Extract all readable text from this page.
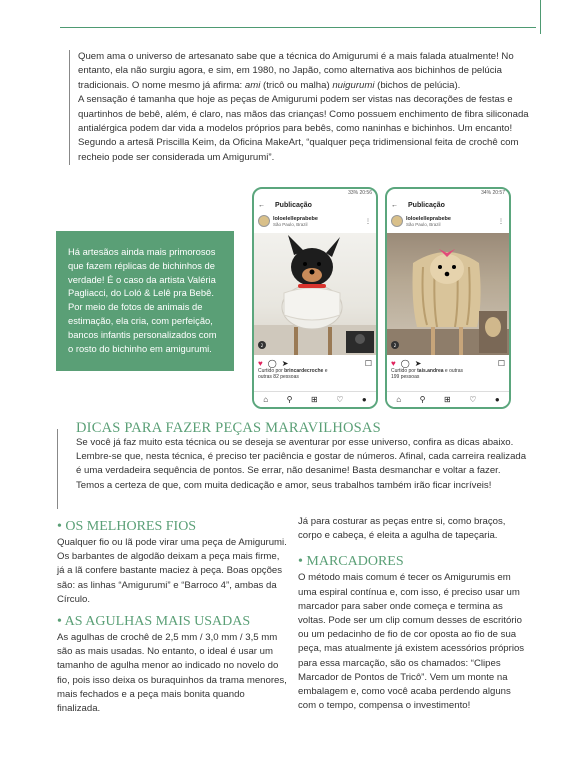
Quem ama o universo de artesanato sabe que a técnica do Amigurumi é a mais falada atualmente! No entanto, ela não surgiu agora, e sim, em 1980, no Japão, como alternativa aos bichinhos de pelúcia tradicionais. O nome mesmo já afirma: ami (tricô ou malha) nuigurumi (bichos de pelúcia).

A sensação é tamanha que hoje as peças de Amigurumi podem ser vistas nas decorações de festas e quartinhos de bebê, além, é claro, nas mãos das crianças! Como possuem enchimento de fibra siliconada antialérgica podem dar vida a modelos próprios para bebês, como naninhas e bichinhos. Um encanto!

Segundo a artesã Priscilla Keim, da Oficina MakeArt, “qualquer peça tridimensional feita de crochê com recheio pode ser considerada um Amigurumi”.

Há artesãos ainda mais primorosos que fazem réplicas de bichinhos de verdade! É o caso da artista Valéria Pagliacci, do Loló & Lelê pra Bebê. Por meio de fotos de animais de estimação, ela cria, com perfeição, bancos infantis personalizados com o rosto do bichinho em amigurumi.
33% 20:56
← Publicação
loloelelleprabebe
São Paulo, Brazil	⋮
2
♥ ◯ ➤	☐
Curtido por brincardecroche e
outras 82 pessoas
⌂ ⚲ ⊞ ♡ ●
34% 20:57
← Publicação
loloelelleprabebe
São Paulo, Brazil	⋮
2
♥ ◯ ➤	☐
Curtido por tais.andrea e outras
199 pessoas
⌂ ⚲ ⊞ ♡ ●
DICAS PARA FAZER PEÇAS MARAVILHOSAS
Se você já faz muito esta técnica ou se deseja se aventurar por esse universo, confira as dicas abaixo. Lembre-se que, nesta técnica, é preciso ter paciência e gostar de números. Afinal, cada carreira realizada é uma verdadeira sequência de pontos. Se errar, não desanime! Basta desmanchar e voltar a fazer. Temos a certeza de que, com muita dedicação e amor, seus trabalhos também irão ficar incríveis!
• OS MELHORES FIOS
Qualquer fio ou lã pode virar uma peça de Amigurumi. Os barbantes de algodão deixam a peça mais firme, já a lã confere bastante maciez à peça. Boas opções são: as linhas “Amigurumi” e “Barroco 4”, ambas da Círculo.
• AS AGULHAS MAIS USADAS
As agulhas de crochê de 2,5 mm / 3,0 mm / 3,5 mm são as mais usadas. No entanto, o ideal é usar um tamanho de agulha menor ao indicado no novelo do fio, pois isso deixa os buraquinhos da trama menores, mais fechados e a peça mais bonita quando finalizada.
Já para costurar as peças entre si, como braços, corpo e cabeça, é eleita a agulha de tapeçaria.
• MARCADORES
O método mais comum é tecer os Amigurumis em uma espiral contínua e, com isso, é preciso usar um marcador para saber onde começa e termina as voltas. Pode ser um clip comum desses de escritório ou um pedacinho de fio de cor oposta ao fio de sua peça, mas atualmente já existem acessórios próprios para essa marcação, são os chamados: “Clipes Marcador de Pontos de Tricô”. Vem um monte na embalagem e, como você acaba perdendo alguns com o tempo, compensa o investimento!
